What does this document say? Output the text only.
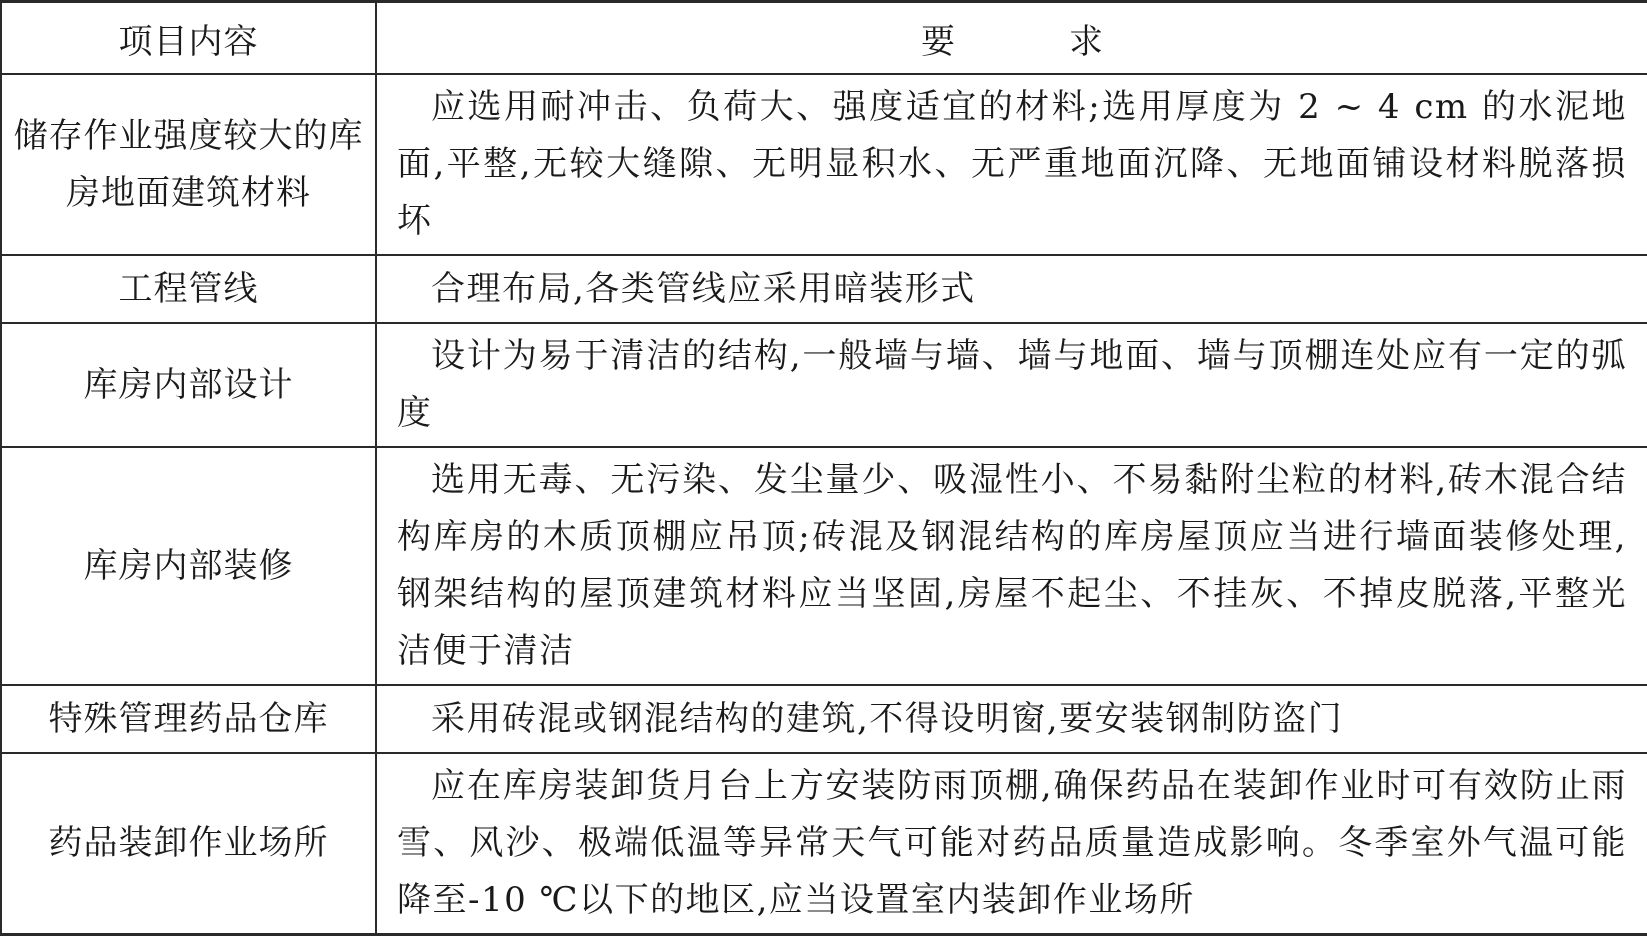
项目内容	要　求
储存作业强度较大的库房地面建筑材料	应选用耐冲击、负荷大、强度适宜的材料;选用厚度为 2 ~ 4 cm 的水泥地面,平整,无较大缝隙、无明显积水、无严重地面沉降、无地面铺设材料脱落损坏
工程管线	合理布局,各类管线应采用暗装形式
库房内部设计	设计为易于清洁的结构,一般墙与墙、墙与地面、墙与顶棚连处应有一定的弧度
库房内部装修	选用无毒、无污染、发尘量少、吸湿性小、不易黏附尘粒的材料,砖木混合结构库房的木质顶棚应吊顶;砖混及钢混结构的库房屋顶应当进行墙面装修处理,钢架结构的屋顶建筑材料应当坚固,房屋不起尘、不挂灰、不掉皮脱落,平整光洁便于清洁
特殊管理药品仓库	采用砖混或钢混结构的建筑,不得设明窗,要安装钢制防盗门
药品装卸作业场所	应在库房装卸货月台上方安装防雨顶棚,确保药品在装卸作业时可有效防止雨雪、风沙、极端低温等异常天气可能对药品质量造成影响。冬季室外气温可能降至-10 ℃以下的地区,应当设置室内装卸作业场所
